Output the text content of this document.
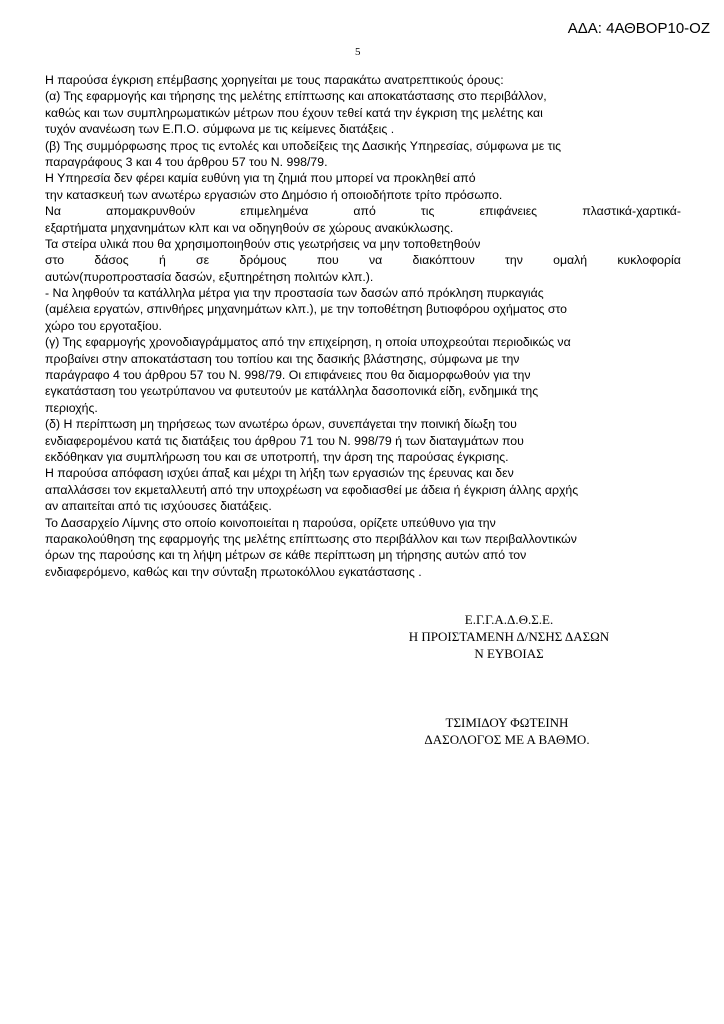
ΑΔΑ: 4ΑΘΒΟΡ10-ΟΖ
5
Η παρούσα έγκριση επέμβασης χορηγείται με τους παρακάτω ανατρεπτικούς όρους:
(α) Της εφαρμογής και τήρησης της μελέτης επίπτωσης και αποκατάστασης στο περιβάλλον,
καθώς και των συμπληρωματικών μέτρων που έχουν τεθεί κατά την έγκριση της μελέτης και
τυχόν ανανέωση των Ε.Π.Ο. σύμφωνα με τις κείμενες διατάξεις .
(β) Της συμμόρφωσης προς τις εντολές και υποδείξεις της Δασικής Υπηρεσίας, σύμφωνα με τις
παραγράφους 3 και 4 του άρθρου 57 του Ν. 998/79.
Η Υπηρεσία δεν φέρει καμία ευθύνη για τη ζημιά που μπορεί να προκληθεί από
την κατασκευή των ανωτέρω εργασιών στο Δημόσιο ή οποιοδήποτε τρίτο πρόσωπο.
Να	απομακρυνθούν	επιμελημένα	από	τις	επιφάνειες	πλαστικά-χαρτικά-
εξαρτήματα μηχανημάτων κλπ και να οδηγηθούν σε χώρους ανακύκλωσης.
Τα στείρα υλικά που θα χρησιμοποιηθούν στις γεωτρήσεις να μην τοποθετηθούν
στο δάσος ή σε δρόμους που να διακόπτουν την ομαλή κυκλοφορία
αυτών(πυροπροστασία δασών, εξυπηρέτηση πολιτών κλπ.).
- Να ληφθούν τα κατάλληλα μέτρα για την προστασία των δασών από πρόκληση πυρκαγιάς
(αμέλεια εργατών, σπινθήρες μηχανημάτων κλπ.), με την τοποθέτηση βυτιοφόρου οχήματος στο
χώρο του εργοταξίου.
(γ) Της εφαρμογής χρονοδιαγράμματος από την επιχείρηση, η οποία υποχρεούται περιοδικώς να
προβαίνει στην αποκατάσταση του τοπίου και της δασικής βλάστησης, σύμφωνα με την
παράγραφο 4 του άρθρου 57 του Ν. 998/79. Οι επιφάνειες που θα διαμορφωθούν για την
εγκατάσταση του γεωτρύπανου να φυτευτούν με κατάλληλα δασοπονικά είδη, ενδημικά της
περιοχής.
(δ) Η περίπτωση μη τηρήσεως των ανωτέρω όρων, συνεπάγεται την ποινική δίωξη του
ενδιαφερομένου κατά τις διατάξεις του άρθρου 71 του Ν. 998/79 ή των διαταγμάτων που
εκδόθηκαν για συμπλήρωση του και σε υποτροπή, την άρση της παρούσας έγκρισης.
Η παρούσα απόφαση ισχύει άπαξ και μέχρι τη λήξη των εργασιών της έρευνας και δεν
απαλλάσσει τον εκμεταλλευτή από την υποχρέωση να εφοδιασθεί με άδεια ή έγκριση άλλης αρχής
αν απαιτείται από τις ισχύουσες διατάξεις.
Το Δασαρχείο Λίμνης στο οποίο κοινοποιείται η παρούσα, ορίζετε υπεύθυνο για την
παρακολούθηση της εφαρμογής της μελέτης επίπτωσης στο περιβάλλον και των περιβαλλοντικών
όρων της παρούσης και τη λήψη μέτρων σε κάθε περίπτωση μη τήρησης αυτών από τον
ενδιαφερόμενο, καθώς και την σύνταξη πρωτοκόλλου εγκατάστασης .
Ε.Γ.Γ.Α.Δ.Θ.Σ.Ε.
Η ΠΡΟΙΣΤΑΜΕΝΗ Δ/ΝΣΗΣ ΔΑΣΩΝ
Ν ΕΥΒΟΙΑΣ
ΤΣΙΜΙΔΟΥ ΦΩΤΕΙΝΗ
ΔΑΣΟΛΟΓΟΣ ΜΕ Α ΒΑΘΜΟ.
